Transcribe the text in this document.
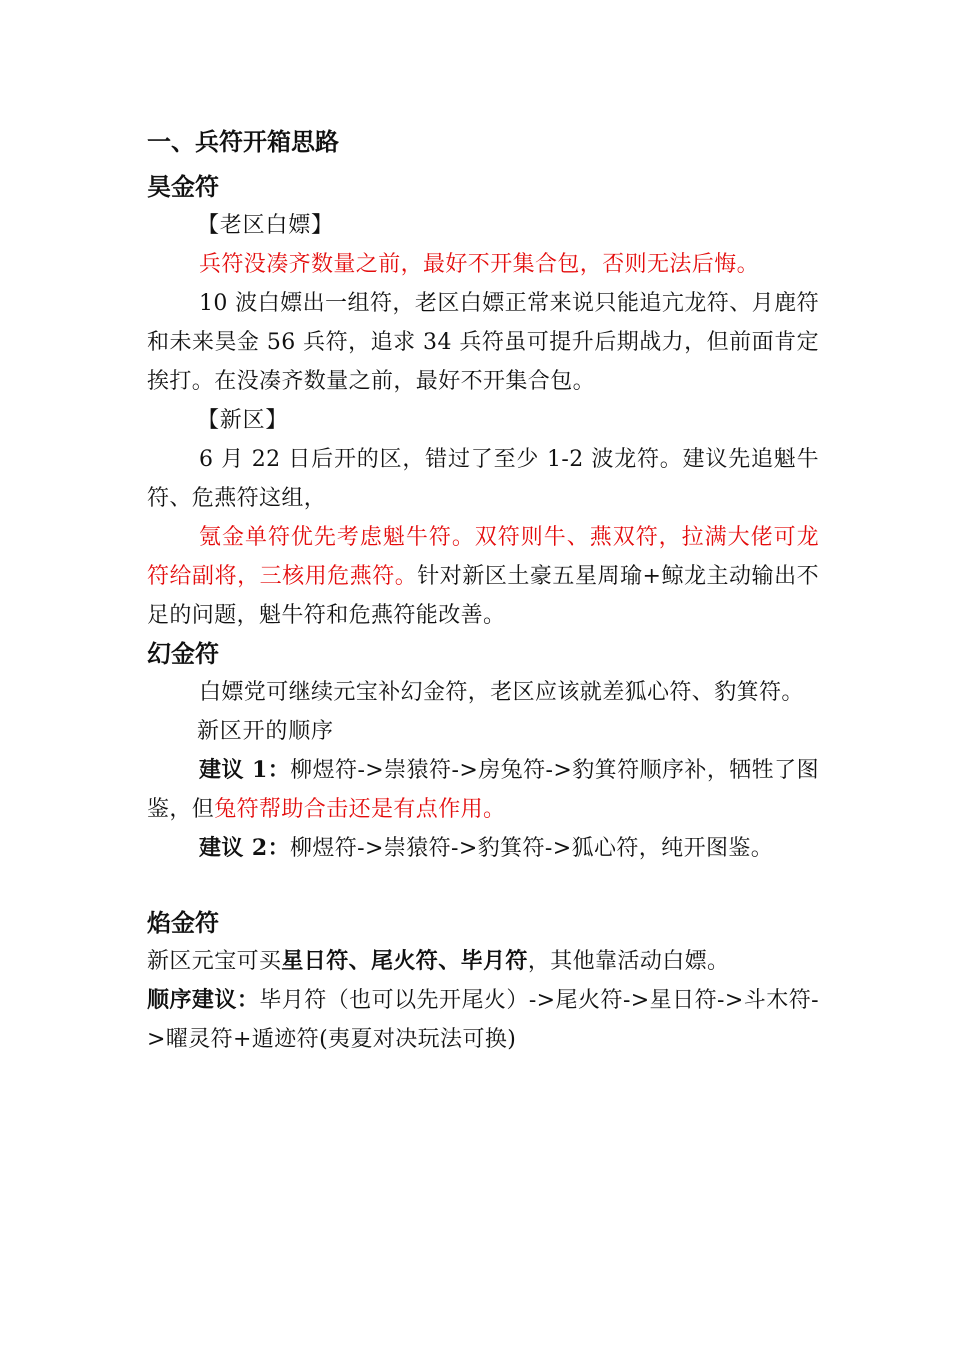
一、兵符开箱思路
昊金符
【老区白嫖】

兵符没凑齐数量之前，最好不开集合包，否则无法后悔。

10 波白嫖出一组符，老区白嫖正常来说只能追亢龙符、月鹿符和未来昊金 56 兵符，追求 34 兵符虽可提升后期战力，但前面肯定挨打。在没凑齐数量之前，最好不开集合包。

【新区】

6 月 22 日后开的区，错过了至少 1-2 波龙符。建议先追魁牛符、危燕符这组，

氪金单符优先考虑魁牛符。双符则牛、燕双符，拉满大佬可龙符给副将，三核用危燕符。针对新区土豪五星周瑜+鲸龙主动输出不足的问题，魁牛符和危燕符能改善。

幻金符

白嫖党可继续元宝补幻金符，老区应该就差狐心符、豹箕符。

新区开的顺序

建议 1：柳煜符->崇猿符->房兔符->豹箕符顺序补，牺牲了图鉴，但兔符帮助合击还是有点作用。

建议 2：柳煜符->崇猿符->豹箕符->狐心符，纯开图鉴。

焰金符

新区元宝可买星日符、尾火符、毕月符，其他靠活动白嫖。

顺序建议：毕月符（也可以先开尾火）->尾火符->星日符->斗木符->曜灵符+遁迹符(夷夏对决玩法可换)
